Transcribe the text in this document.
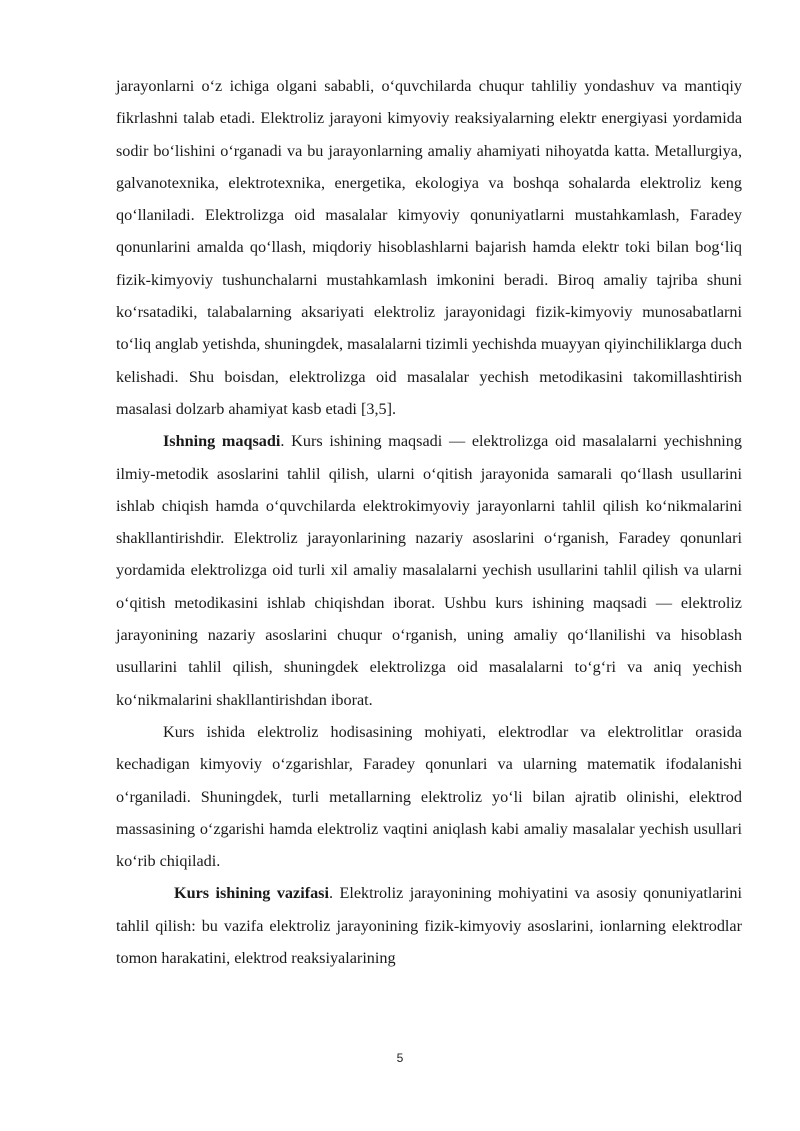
jarayonlarni o‘z ichiga olgani sababli, o‘quvchilarda chuqur tahliliy yondashuv va mantiqiy fikrlashni talab etadi. Elektroliz jarayoni kimyoviy reaksiyalarning elektr energiyasi yordamida sodir bo‘lishini o‘rganadi va bu jarayonlarning amaliy ahamiyati nihoyatda katta. Metallurgiya, galvanotexnika, elektrotexnika, energetika, ekologiya va boshqa sohalarda elektroliz keng qo‘llaniladi. Elektrolizga oid masalalar kimyoviy qonuniyatlarni mustahkamlash, Faradey qonunlarini amalda qo‘llash, miqdoriy hisoblashlarni bajarish hamda elektr toki bilan bog‘liq fizik-kimyoviy tushunchalarni mustahkamlash imkonini beradi. Biroq amaliy tajriba shuni ko‘rsatadiki, talabalarning aksariyati elektroliz jarayonidagi fizik-kimyoviy munosabatlarni to‘liq anglab yetishda, shuningdek, masalalarni tizimli yechishda muayyan qiyinchiliklarga duch kelishadi. Shu boisdan, elektrolizga oid masalalar yechish metodikasini takomillashtirish masalasi dolzarb ahamiyat kasb etadi [3,5].

Ishning maqsadi. Kurs ishining maqsadi — elektrolizga oid masalalarni yechishning ilmiy-metodik asoslarini tahlil qilish, ularni o‘qitish jarayonida samarali qo‘llash usullarini ishlab chiqish hamda o‘quvchilarda elektrokimyoviy jarayonlarni tahlil qilish ko‘nikmalarini shakllantirishdir. Elektroliz jarayonlarining nazariy asoslarini o‘rganish, Faradey qonunlari yordamida elektrolizga oid turli xil amaliy masalalarni yechish usullarini tahlil qilish va ularni o‘qitish metodikasini ishlab chiqishdan iborat. Ushbu kurs ishining maqsadi — elektroliz jarayonining nazariy asoslarini chuqur o‘rganish, uning amaliy qo‘llanilishi va hisoblash usullarini tahlil qilish, shuningdek elektrolizga oid masalalarni to‘g‘ri va aniq yechish ko‘nikmalarini shakllantirishdan iborat.

Kurs ishida elektroliz hodisasining mohiyati, elektrodlar va elektrolitlar orasida kechadigan kimyoviy o‘zgarishlar, Faradey qonunlari va ularning matematik ifodalanishi o‘rganiladi. Shuningdek, turli metallarning elektroliz yo‘li bilan ajratib olinishi, elektrod massasining o‘zgarishi hamda elektroliz vaqtini aniqlash kabi amaliy masalalar yechish usullari ko‘rib chiqiladi.

Kurs ishining vazifasi. Elektroliz jarayonining mohiyatini va asosiy qonuniyatlarini tahlil qilish: bu vazifa elektroliz jarayonining fizik-kimyoviy asoslarini, ionlarning elektrodlar tomon harakatini, elektrod reaksiyalarining

5
